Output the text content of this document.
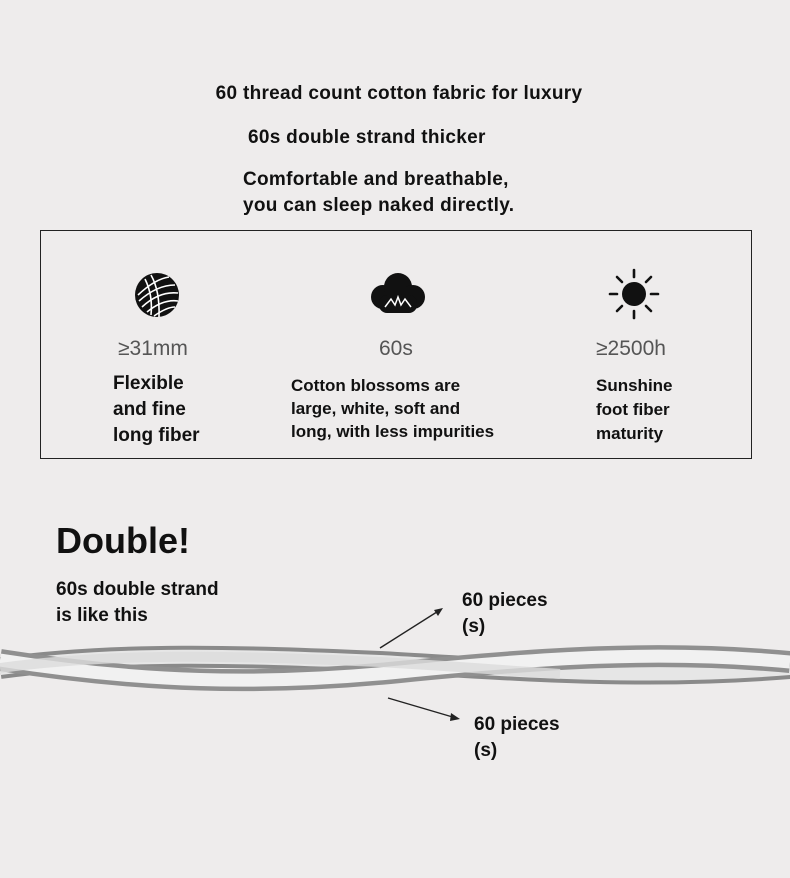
60 thread count cotton fabric for luxury
60s double strand thicker
Comfortable and breathable,
you can sleep naked directly.
≥31mm
Flexible
and fine
long fiber
60s
Cotton blossoms are
large, white, soft and
long, with less impurities
≥2500h
Sunshine
foot fiber
maturity
Double!
60s double strand
is like this
60 pieces
(s)
60 pieces
(s)
